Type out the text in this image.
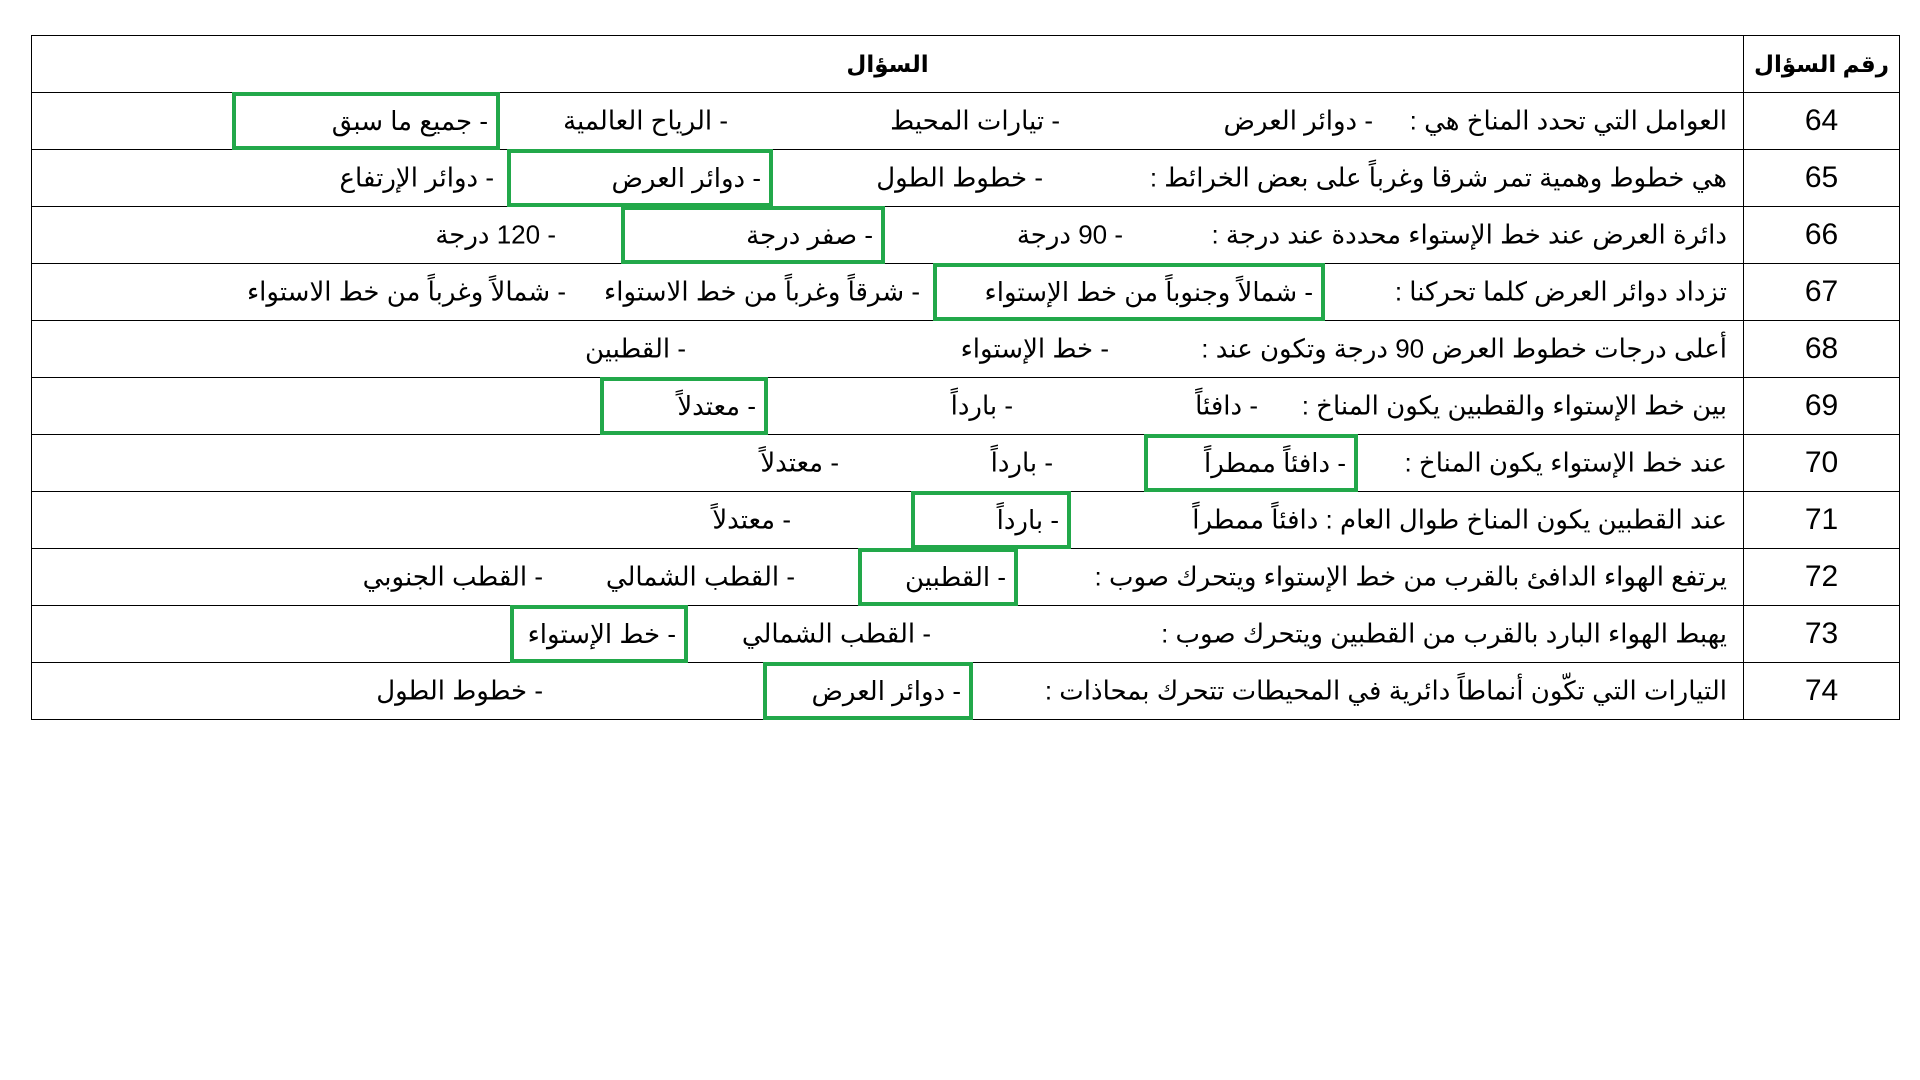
رقم السؤال	السؤال
64	العوامل التي تحدد المناخ هي :
- دوائر العرض
- تيارات المحيط
- الرياح العالمية
- جميع ما سبق

65	هي خطوط وهمية تمر شرقا وغرباً على بعض الخرائط :
- خطوط الطول
- دوائر العرض
- دوائر الإرتفاع

66	دائرة العرض عند خط الإستواء محددة عند درجة :
- 90 درجة
- صفر درجة
- 120 درجة

67	تزداد دوائر العرض كلما تحركنا :
- شمالاً وجنوباً من خط الإستواء
- شرقاً وغرباً من خط الاستواء
- شمالاً وغرباً من خط الاستواء

68	أعلى درجات خطوط العرض 90 درجة وتكون عند :
- خط الإستواء
- القطبين

69	بين خط الإستواء والقطبين يكون المناخ :
- دافئاً
- بارداً
- معتدلاً

70	عند خط الإستواء يكون المناخ :
- دافئاً ممطراً
- بارداً
- معتدلاً

71	عند القطبين يكون المناخ طوال العام : دافئاً ممطراً
- بارداً
- معتدلاً

72	يرتفع الهواء الدافئ بالقرب من خط الإستواء ويتحرك صوب :
- القطبين
- القطب الشمالي
- القطب الجنوبي

73	يهبط الهواء البارد بالقرب من القطبين ويتحرك صوب :
- القطب الشمالي
- خط الإستواء

74	التيارات التي تكّون أنماطاً دائرية في المحيطات تتحرك بمحاذات :
- دوائر العرض
- خطوط الطول
